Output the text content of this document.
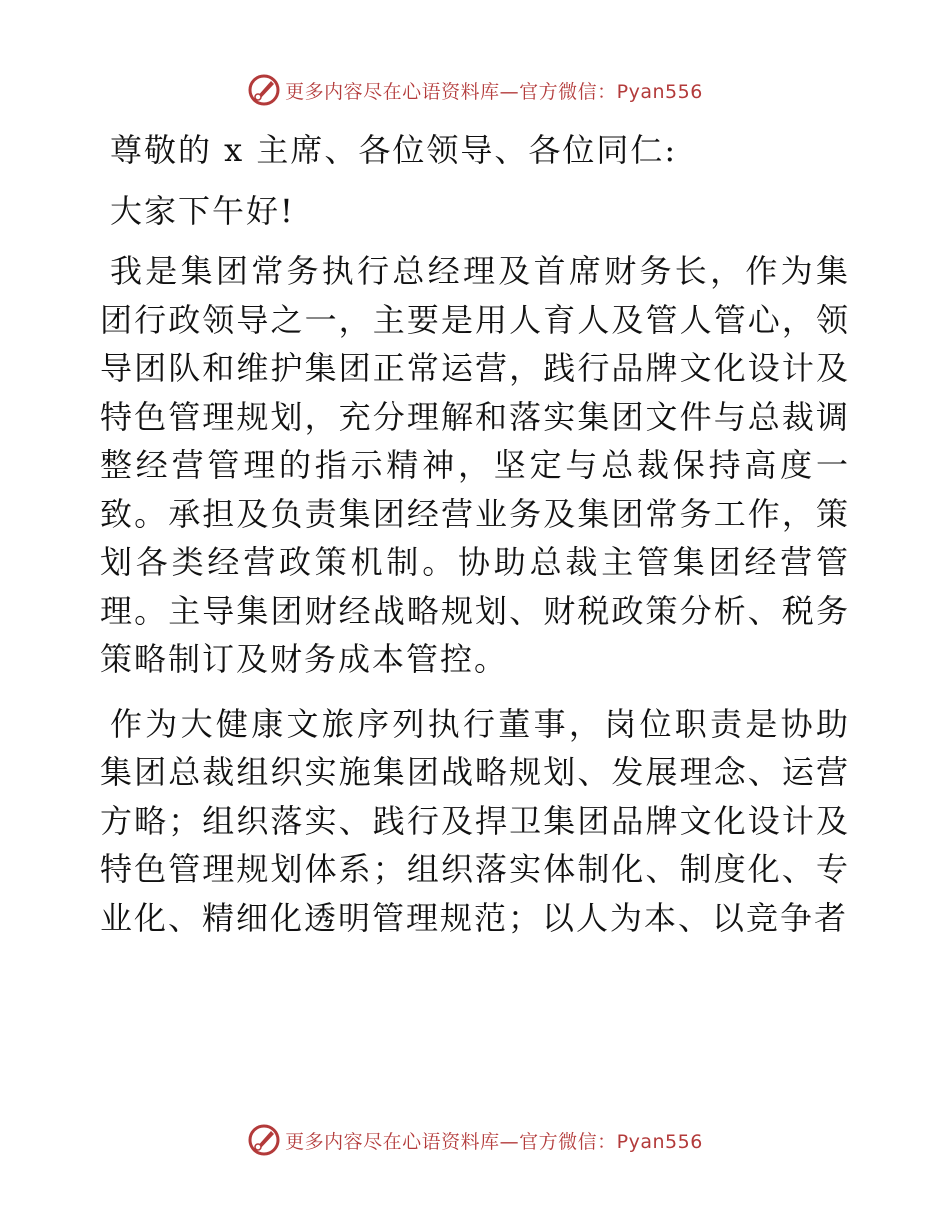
更多内容尽在心语资料库—官方微信：Pyan556

尊敬的 x 主席、各位领导、各位同仁:

大家下午好!

我是集团常务执行总经理及首席财务长，作为集团行政领导之一，主要是用人育人及管人管心，领导团队和维护集团正常运营，践行品牌文化设计及特色管理规划，充分理解和落实集团文件与总裁调整经营管理的指示精神，坚定与总裁保持高度一致。承担及负责集团经营业务及集团常务工作，策划各类经营政策机制。协助总裁主管集团经营管理。主导集团财经战略规划、财税政策分析、税务策略制订及财务成本管控。

作为大健康文旅序列执行董事，岗位职责是协助集团总裁组织实施集团战略规划、发展理念、运营方略；组织落实、践行及捍卫集团品牌文化设计及特色管理规划体系；组织落实体制化、制度化、专业化、精细化透明管理规范；以人为本、以竞争者

更多内容尽在心语资料库—官方微信：Pyan556
